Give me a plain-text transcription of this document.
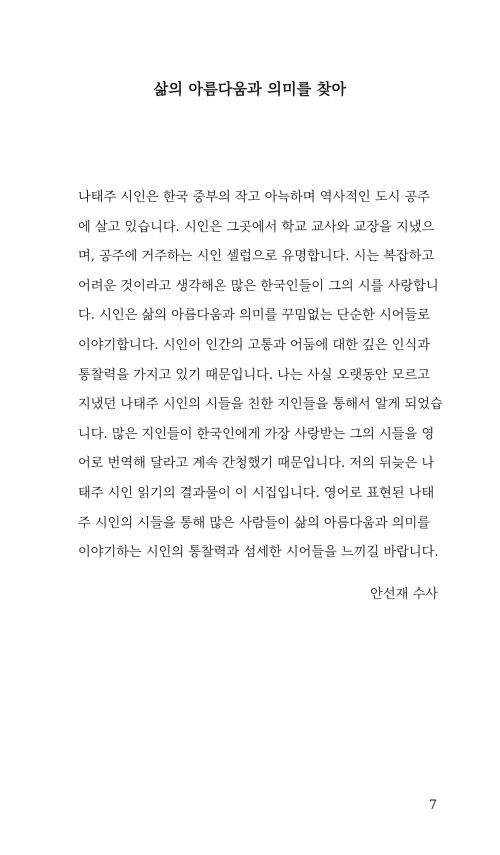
삶의 아름다움과 의미를 찾아
나태주 시인은 한국 중부의 작고 아늑하며 역사적인 도시 공주
에 살고 있습니다. 시인은 그곳에서 학교 교사와 교장을 지냈으
며, 공주에 거주하는 시인 셀럽으로 유명합니다. 시는 복잡하고
어려운 것이라고 생각해온 많은 한국인들이 그의 시를 사랑합니
다. 시인은 삶의 아름다움과 의미를 꾸밈없는 단순한 시어들로
이야기합니다. 시인이 인간의 고통과 어둠에 대한 깊은 인식과
통찰력을 가지고 있기 때문입니다. 나는 사실 오랫동안 모르고
지냈던 나태주 시인의 시들을 친한 지인들을 통해서 알게 되었습
니다. 많은 지인들이 한국인에게 가장 사랑받는 그의 시들을 영
어로 번역해 달라고 계속 간청했기 때문입니다. 저의 뒤늦은 나
태주 시인 읽기의 결과물이 이 시집입니다. 영어로 표현된 나태
주 시인의 시들을 통해 많은 사람들이 삶의 아름다움과 의미를
이야기하는 시인의 통찰력과 섬세한 시어들을 느끼길 바랍니다.

안선재 수사

7
